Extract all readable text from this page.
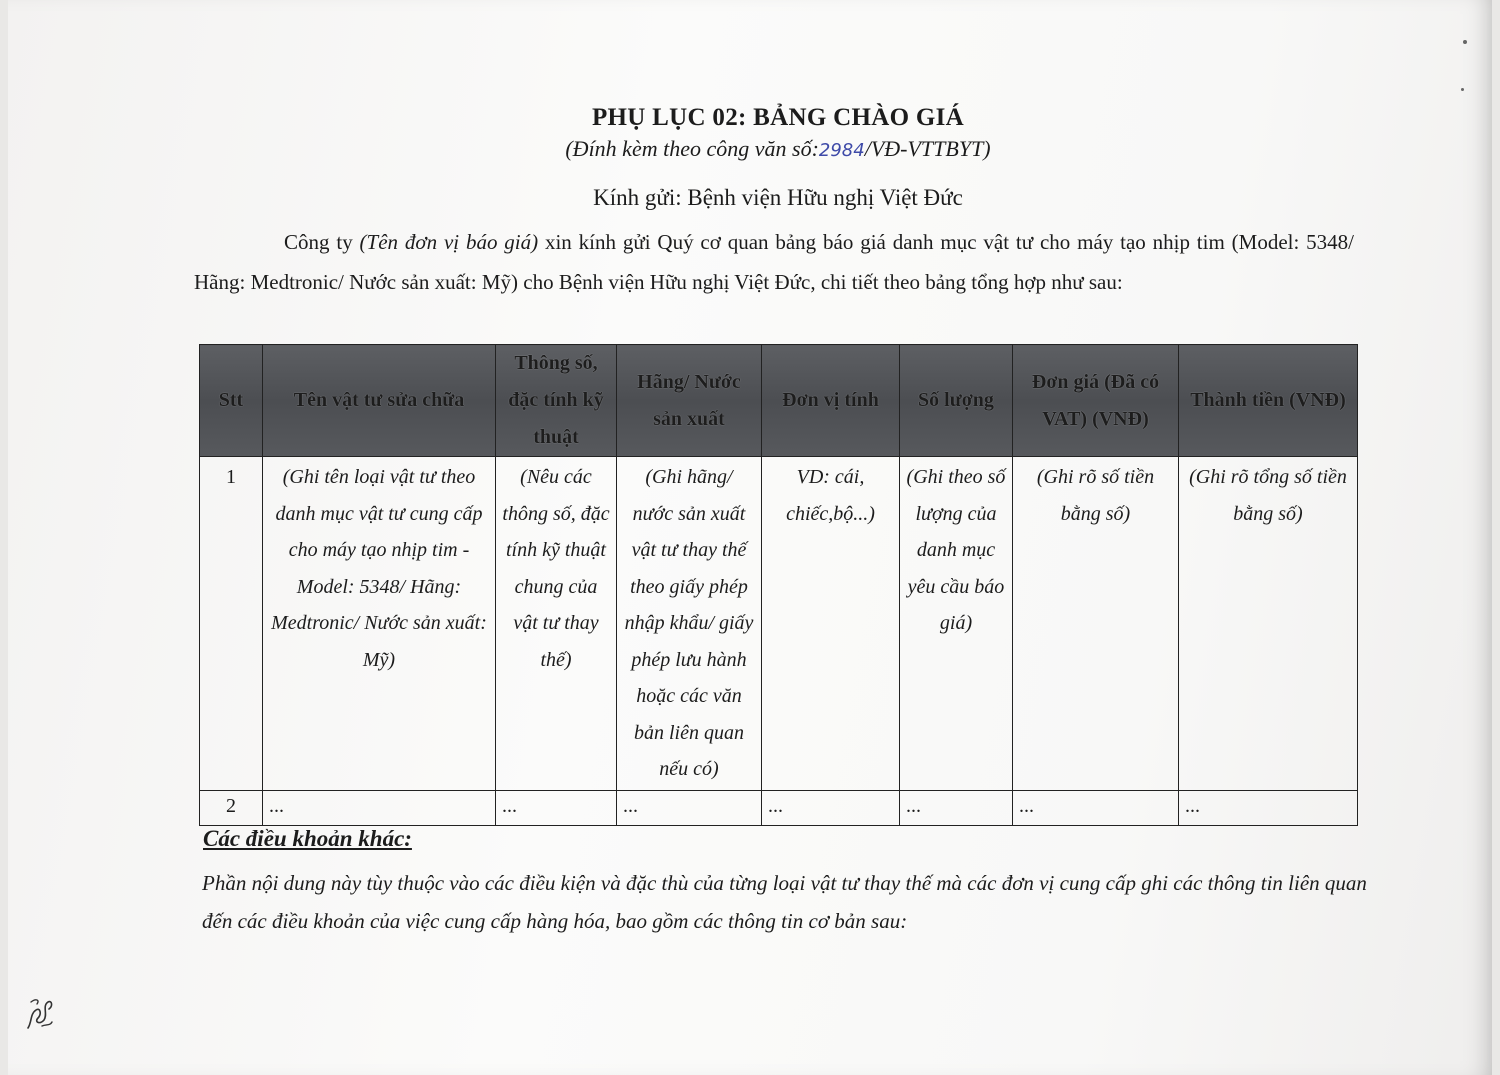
PHỤ LỤC 02: BẢNG CHÀO GIÁ
(Đính kèm theo công văn số:2984/VĐ-VTTBYT)
Kính gửi: Bệnh viện Hữu nghị Việt Đức
Công ty (Tên đơn vị báo giá) xin kính gửi Quý cơ quan bảng báo giá danh mục vật tư cho máy tạo nhịp tim (Model: 5348/ Hãng: Medtronic/ Nước sản xuất: Mỹ) cho Bệnh viện Hữu nghị Việt Đức, chi tiết theo bảng tổng hợp như sau:
Stt	Tên vật tư sửa chữa	Thông số, đặc tính kỹ thuật	Hãng/ Nước sản xuất	Đơn vị tính	Số lượng	Đơn giá (Đã có VAT) (VNĐ)	Thành tiền (VNĐ)
1	(Ghi tên loại vật tư theo danh mục vật tư cung cấp cho máy tạo nhịp tim - Model: 5348/ Hãng: Medtronic/ Nước sản xuất: Mỹ)	(Nêu các thông số, đặc tính kỹ thuật chung của vật tư thay thế)	(Ghi hãng/ nước sản xuất vật tư thay thế theo giấy phép nhập khẩu/ giấy phép lưu hành hoặc các văn bản liên quan nếu có)	VD: cái, chiếc,bộ...)	(Ghi theo số lượng của danh mục yêu cầu báo giá)	(Ghi rõ số tiền bằng số)	(Ghi rõ tổng số tiền bằng số)
2	...	...	...	...	...	...	...
Các điều khoản khác:
Phần nội dung này tùy thuộc vào các điều kiện và đặc thù của từng loại vật tư thay thế mà các đơn vị cung cấp ghi các thông tin liên quan đến các điều khoản của việc cung cấp hàng hóa, bao gồm các thông tin cơ bản sau:
